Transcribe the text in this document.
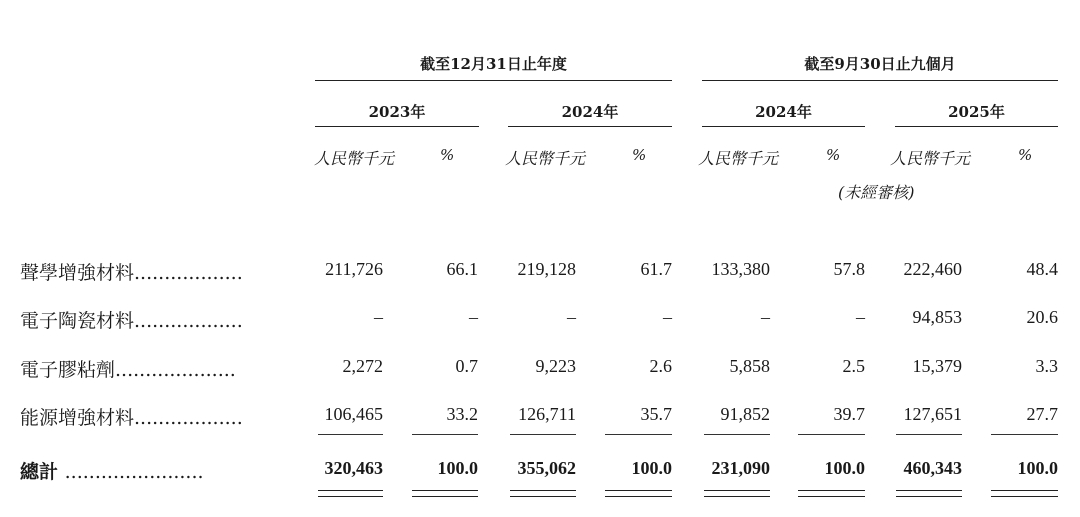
截至12月31日止年度	截至9月30日止九個月
2023年	2024年	2024年	2025年
人民幣千元	%	人民幣千元	%	人民幣千元	%	人民幣千元	%
(未經審核)
聲學增強材料..................	211,726	66.1 219,128	61.7 133,380	57.8 222,460	48.4
電子陶瓷材料..................	–	–	–	–	–	–	94,853	20.6
電子膠粘劑....................	2,272	0.7	9,223	2.6	5,858	2.5	15,379	3.3
能源增強材料..................	106,465	33.2 126,711	35.7	91,852	39.7 127,651	27.7
總計 .......................	320,463	100.0 355,062	100.0 231,090	100.0 460,343	100.0
